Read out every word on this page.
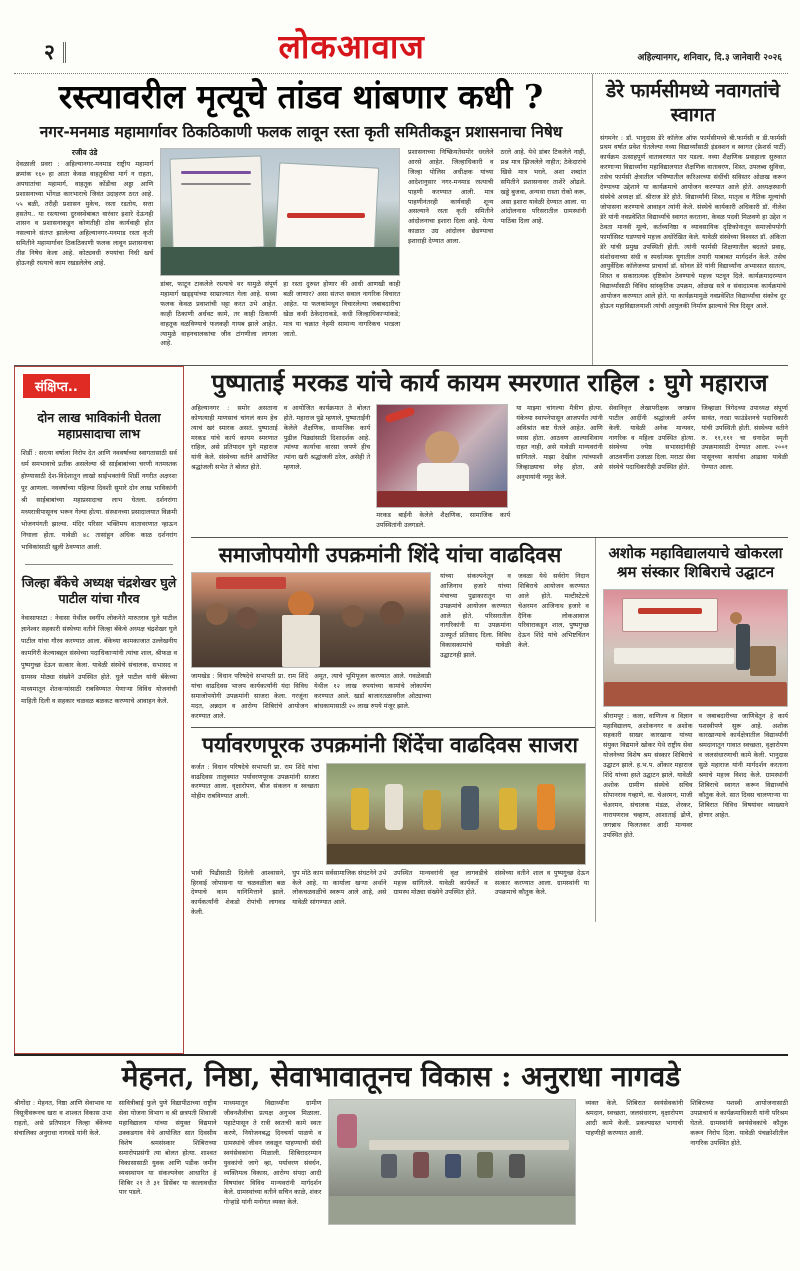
२	लोकआवाज	अहिल्यानगर, शनिवार, दि.३ जानेवारी २०२६
रस्त्यावरील मृत्यूचे तांडव थांबणार कधी ?
नगर-मनमाड महामार्गावर ठिकठिकाणी फलक लावून रस्ता कृती समितीकडून प्रशासनाचा निषेध
रजीव उंडे
देवळाली प्रवरा : अहिल्यानगर-मनमाड राष्ट्रीय महामार्ग क्रमांक १६० हा आता केवळ वाहतुकीचा मार्ग न राहता, अपघातांचा महामार्ग, वाहतूक कोंडीचा अड्डा आणि प्रशासनाच्या भोंगळ कारभाराचे जिवंत उदाहरण ठरत आहे. ५५ बळी, तरीही प्रशासन मुकेच, रस्ता रडतोय, सत्ता हसतेय.. या रस्त्याच्या दुरवस्थेबाबत वारंवार इशारे देऊनही शासन व प्रशासनाकडून कोणतीही ठोस कार्यवाही होत नसल्याने संतप्त झालेल्या अहिल्यानगर-मनमाड रस्ता कृती समितीने महामार्गावर ठिकठिकाणी फलक लावून प्रशासनाचा तीव्र निषेध केला आहे. कोट्यवधी रुपयांचा निधी खर्च होऊनही रस्त्याचे काम रखडलेलेच आहे.
डांबर, फाटून टाकलेले रस्त्याचे थर यामुळे संपूर्ण महामार्ग खड्ड्यांच्या साम्राज्यात गेला आहे. सध्या फलक केवळ प्रवाशांची थट्टा करत उभे आहेत. काही ठिकाणी अर्धवट कामे, तर काही ठिकाणी वाहतूक वळविण्याचे फलकही गायब झाले आहेत. त्यामुळे वाहनचालकांचा जीव टांगणीला लागला आहे.
हा रस्ता दुरुस्त होणार की आधी आणखी काही बळी जाणार? असा संतप्त सवाल नागरिक विचारत आहेत. या फलकांमधून विचारलेल्या जबाबदारीचा खेळ कधी ठेकेदाराकडे, कधी जिल्हाधिकाऱ्यांकडे; मात्र या चक्रात नेहमी सामान्य नागरिकच भरडला जातो.
प्रशासनाच्या निष्क्रियतेसमोर धरलेले आरसे आहेत. जिल्हाधिकारी व जिल्हा पोलिस अधीक्षक यांच्या आदेशानुसार नगर-मनमाड रस्त्याची पाहणी करण्यात आली. मात्र पाहणीनंतरही कार्यवाही शून्य असल्याने रस्ता कृती समितीने आंदोलनाचा इशारा दिला आहे. येत्या काळात उग्र आंदोलन छेडण्याचा इशाराही देण्यात आला.
ठरले आहे. येथे डांबर टिकलेले नाही, प्रश्न मात्र झिजलेले नाहीत; ठेकेदारांचे खिसे मात्र भरले, अशा शब्दांत समितीने प्रशासनावर ताशेरे ओढले. खड्डे बुजवा, अन्यथा रास्ता रोको करू, असा इशारा यावेळी देण्यात आला. या आंदोलनास परिसरातील ग्रामस्थांनी पाठिंबा दिला आहे.
डेरे फार्मसीमध्ये नवागतांचे स्वागत
संगमनेर : डॉ. भानुदास डेरे कॉलेज ऑफ फार्मसीमध्ये बी.फार्मसी व डी.फार्मसी प्रथम वर्षात प्रवेश घेतलेल्या नव्या विद्यार्थ्यांसाठी इंडक्शन व स्वागत (फ्रेशर्स पार्टी) कार्यक्रम उत्साहपूर्ण वातावरणात पार पडला. नव्या शैक्षणिक प्रवाहाला सुरुवात करणाऱ्या विद्यार्थ्यांना महाविद्यालयात शैक्षणिक वातावरण, शिस्त, उपलब्ध सुविधा, तसेच फार्मसी क्षेत्रातील भविष्यातील करिअरच्या संधींची सविस्तर ओळख करून देण्याच्या उद्देशाने या कार्यक्रमाचे आयोजन करण्यात आले होते. अध्यक्षस्थानी संस्थेचे अध्यक्ष डॉ. श्रीराज डेरे होते. विद्यार्थ्यांनी शिस्त, मातृत्व व नैतिक मूल्यांची जोपासना करण्याचे आवाहन त्यांनी केले. संस्थेचे कार्यकारी अधिकारी डॉ. नीलेश डेरे यांनी नवप्रवेशित विद्यार्थ्यांचे स्वागत करताना, केवळ पदवी मिळवणे हा उद्देश न ठेवता मानवी मूल्ये, कर्तव्यनिष्ठा व व्यावसायिक दृष्टिकोनातून समाजोपयोगी फार्मासिस्ट घडण्याचे महत्त्व अधोरेखित केले. यावेळी संस्थेच्या विश्वस्त डॉ. अंकिता डेरे यांची प्रमुख उपस्थिती होती. त्यांनी फार्मसी शिक्षणातील बदलते प्रवाह, संशोधनाच्या संधी व स्पर्धात्मक युगातील तयारी याबाबत मार्गदर्शन केले. तसेच आयुर्वेदिक कॉलेजच्या प्राचार्या डॉ. सोनल डेरे यांनी विद्यार्थ्यांना अभ्यासात सातत्य, शिस्त व सकारात्मक दृष्टिकोन ठेवण्याचे महत्त्व पटवून दिले. कार्यक्रमादरम्यान विद्यार्थ्यांसाठी विविध सांस्कृतिक उपक्रम, ओळख सत्रे व संवादात्मक कार्यक्रमांचे आयोजन करण्यात आले होते. या कार्यक्रमामुळे नवप्रवेशित विद्यार्थ्यांचा संकोच दूर होऊन महाविद्यालयाशी त्यांची आपुलकी निर्माण झाल्याचे चित्र दिसून आले.
संक्षिप्त..
दोन लाख भाविकांनी घेतला महाप्रसादाचा लाभ
शिर्डी : सरत्या वर्षाला निरोप देत आणि नववर्षाच्या स्वागतासाठी सर्व धर्म समभावाचे प्रतीक असलेल्या श्री साईबाबांच्या चरणी नतमस्तक होण्यासाठी देश-विदेशातून लाखो साईभक्तांनी शिर्डी नगरीत अक्षरशः पूर आणला. नववर्षाच्या पहिल्या दिवशी सुमारे दोन लाख भाविकांनी श्री साईबाबांच्या महाप्रसादाचा लाभ घेतला. दर्शनरांगा मध्यरात्रीपासूनच भरून गेल्या होत्या. संस्थानच्या प्रसादालयात विक्रमी भोजनपंगती झाल्या. मंदिर परिसर भक्तिमय वातावरणात न्हाऊन निघाला होता. यावेळी ४८ तासांहून अधिक काळ दर्शनरांग भाविकांसाठी खुली ठेवण्यात आली.
जिल्हा बँकेचे अध्यक्ष चंद्रशेखर घुले पाटील यांचा गौरव
नेवासाफाटा : नेवासा येथील स्वर्गीय लोकनेते मारुतराव घुले पाटील ज्ञानेश्वर सहकारी संस्थेच्या वतीने जिल्हा बँकेचे अध्यक्ष चंद्रशेखर घुले पाटील यांचा गौरव करण्यात आला. बँकेच्या कामकाजात उल्लेखनीय कामगिरी केल्याबद्दल संस्थेच्या पदाधिकाऱ्यांनी त्यांचा शाल, श्रीफळ व पुष्पगुच्छ देऊन सत्कार केला. यावेळी संस्थेचे संचालक, सभासद व ग्रामस्थ मोठ्या संख्येने उपस्थित होते. घुले पाटील यांनी बँकेच्या माध्यमातून शेतकऱ्यांसाठी राबविण्यात येणाऱ्या विविध योजनांची माहिती दिली व सहकार चळवळ बळकट करण्याचे आवाहन केले.
पुष्पाताई मरकड यांचे कार्य कायम स्मरणात राहिल : घुगे महाराज
अहिल्यानगर : समोर असताना कोणत्याही माणसाचं चांगलं काम हेच त्याचं खरं स्मारक असतं. पुष्पाताई मरकड यांचे कार्य कायम स्मरणात राहिल, असे प्रतिपादन घुगे महाराज यांनी केले. संस्थेच्या वतीने आयोजित श्रद्धांजली सभेत ते बोलत होते.
व आयोजित कार्यक्रमात ते बोलत होते. महाराज पुढे म्हणाले, पुष्पाताईंनी केलेले शैक्षणिक, सामाजिक कार्य पुढील पिढ्यांसाठी दिशादर्शक आहे. त्यांच्या कार्याचा वारसा जपणे हीच त्यांना खरी श्रद्धांजली ठरेल, असेही ते म्हणाले.
मरकड बाईंनी केलेले शैक्षणिक, सामाजिक कार्य उपस्थितांनी उलगडले.
या माझ्या चांगल्या मैत्रीण होत्या. यंकेच्या स्थापनेपासून आजपर्यंत त्यांनी अविश्रांत कष्ट घेतले आहेत. आणि ध्यास होता. आठवण आल्याशिवाय राहत नाही, असे यावेळी मान्यवरांनी सांगितले. माझा देखील त्यांच्याशी जिव्हाळ्याचा स्नेह होता, असे अनुयायांनी नमूद केले.
सेवानिवृत्त लेखापरीक्षक जगन्नाथ पाटील आदींनी श्रद्धांजली अर्पण केली. यावेळी अनेक मान्यवर, नागरिक व महिला उपस्थित होत्या. संस्थेच्या ज्येष्ठ सभासदांनीही आठवणींना उजाळा दिला. मराठा सेवा संस्थेचे पदाधिकारीही उपस्थित होते.
जिव्हाळा त्रिगेदच्या उपाध्यक्ष संपूर्णा सावंत, नरडा फाउंडेशनचे पदाधिकारी यांची उपस्थिती होती. संस्थेच्या वतीने रु. ११,१११ चा धनादेश स्मृती उपक्रमासाठी देण्यात आला. २००१ पासूनच्या कार्याचा आढावा यावेळी घेण्यात आला.
समाजोपयोगी उपक्रमांनी शिंदे यांचा वाढदिवस
जामखेड : विधान परिषदेचे सभापती प्रा. राम शिंदे यांचा वाढदिवस भाजप कार्यकर्त्यांनी यंदा विविध समाजोपयोगी उपक्रमांनी साजरा केला. गरजूंना मदत, अन्नदान व आरोग्य शिबिरांचे आयोजन करण्यात आले.
अमूत, त्याचे भूमिपूजन करण्यात आले. गवळेवाडी येथील १२ लाख रुपयांच्या कामांचे लोकार्पण करण्यात आले. खर्डा बाजारतळावरील ओट्याच्या बांधकामासाठी २० लाख रुपये मंजूर झाले.
यांच्या संकल्पनेतून व आजिनाथ हजारे यांच्या मंचाच्या पुढाकारातून या उपक्रमांचे आयोजन करण्यात आले होते. परिसरातील नागरिकांनी या उपक्रमांना उत्स्फूर्त प्रतिसाद दिला. विविध विकासकामांचे यावेळी उद्घाटनही झाले.
जवळा येथे सर्वरोग निदान शिबिराचे आयोजन करण्यात आले होते. मल्टीस्टेटचे चेअरमन आजिनाथ हजारे व दैनिक लोकआवाज परिवाराकडून शाल, पुष्पगुच्छ देऊन शिंदे यांचे अभिष्टचिंतन केले.
पर्यावरणपूरक उपक्रमांनी शिंदेंचा वाढदिवस साजरा
कर्जत : विधान परिषदेचे सभापती प्रा. राम शिंदे यांचा वाढदिवस तालुक्यात पर्यावरणपूरक उपक्रमांनी साजरा करण्यात आला. वृक्षारोपण, बीज संकलन व स्वच्छता मोहीम राबविण्यात आली.
भावी पिढीसाठी दिलेली आश्वासने, हिरवाई जोपासना या चळवळीला बळ देण्याचे काम यानिमित्ताने झाले. कार्यकर्त्यांनी शेकडो रोपांची लागवड केली.
घुप मोठे काम सर्वसामाजिक संघटनेने उभे केले आहे. या कार्याला खऱ्या अर्थाने लोकचळवळीचे स्वरूप आले आहे, असे यावेळी सांगण्यात आले.
उपस्थित मान्यवरांनी वृक्ष लागवडीचे महत्त्व सांगितले. यावेळी कार्यकर्ते व ग्रामस्थ मोठ्या संख्येने उपस्थित होते.
संस्थेच्या वतीने शाल व पुष्पगुच्छ देऊन सत्कार करण्यात आला. ग्रामस्थांनी या उपक्रमाचे कौतुक केले.
अशोक महाविद्यालयाचे खोकरला श्रम संस्कार शिबिराचे उद्घाटन
श्रीरामपूर : कला, वाणिज्य व विज्ञान महाविद्यालय, अशोकनगर व अशोक सहकारी साखर कारखाना यांच्या संयुक्त विद्यमाने खोकर येथे राष्ट्रीय सेवा योजनेच्या विशेष श्रम संस्कार शिबिराचे उद्घाटन झाले. ह.भ.प. ओंकार महाराज शिंदे यांच्या हस्ते उद्घाटन झाले. यावेळी अशोक ग्रामीण संस्थेचे सचिव सोपानराव गव्हाणे, वा. चेअरमन, माजी चेअरमन, संचालक मंडळ, शेरकर, नारायणराव चव्हाण, आशाताई ढोणे, जगन्नाथ फिलतकर आदी मान्यवर उपस्थित होते.
व जबाबदारीच्या जाणिवेतून हे कार्य यशस्वीपणे सुरू आहे. अशोक कारखान्याचे कार्यक्षेत्रातील विद्यार्थ्यांनी श्रमदानातून गावात स्वच्छता, वृक्षारोपण व जलसंधारणाची कामे केली. भानुदास सुळे महाराज यांनी मार्गदर्शन करताना श्रमाचे महत्त्व विशद केले. ग्रामस्थांनी शिबिराचे स्वागत करून विद्यार्थ्यांचे कौतुक केले. सात दिवस चालणाऱ्या या शिबिरात विविध विषयांवर व्याख्याने होणार आहेत.
मेहनत, निष्ठा, सेवाभावातूनच विकास : अनुराधा नागवडे
श्रीगोंदा : मेहनत, निष्ठा आणि सेवाभाव या त्रिसूत्रीवरूनच खरा व शाश्वत विकास उभा राहतो, असे प्रतिपादन जिल्हा बँकेच्या संचालिका अनुराधा नागवडे यांनी केले.
सावित्रीबाई फुले पुणे विद्यापीठाच्या राष्ट्रीय सेवा योजना विभाग व श्री छत्रपती शिवाजी महाविद्यालय यांच्या संयुक्त विद्यमाने उक्कडगाव येथे आयोजित सात दिवसीय विशेष श्रमसंस्कार शिबिराच्या समारोपप्रसंगी त्या बोलत होत्या. शाश्वत विकासासाठी युवक आणि पडीक जमीन व्यवस्थापन या संकल्पनेवर आधारित हे शिबिर २१ ते ३१ डिसेंबर या कालावधीत पार पडले.
माध्यमातून विद्यार्थ्यांना ग्रामीण जीवनशैलीचा प्रत्यक्ष अनुभव मिळाला. पहाटेपासून ते रात्री स्वतःची कामे स्वतः करणे, नियोजनबद्ध दिनचर्या पाळणे व ग्रामस्थांचे जीवन जवळून पाहण्याची संधी स्वयंसेवकांना मिळाली. शिबिरादरम्यान युवकांनो जागे व्हा, पर्यावरण संवर्धन, व्यक्तिमत्व विकास, आरोग्य संपदा आदी विषयांवर विविध मान्यवरांनी मार्गदर्शन केले. ग्रामस्थांच्या वतीने सचिन काळे, शंकर गोऱ्हांडे यांनी मनोगत व्यक्त केले.
व्यक्त केले. शिबिरात स्वयंसेवकांनी श्रमदान, स्वच्छता, जलसंधारण, वृक्षारोपण आदी कामे केली. प्रकल्पग्रस्त भागाची पाहणीही करण्यात आली.
शिबिराच्या यशस्वी आयोजनासाठी उपप्राचार्य व कार्यक्रमाधिकारी यांनी परिश्रम घेतले. ग्रामस्थांनी स्वयंसेवकांचे कौतुक करून निरोप दिला. यावेळी पंचक्रोशीतील नागरिक उपस्थित होते.
